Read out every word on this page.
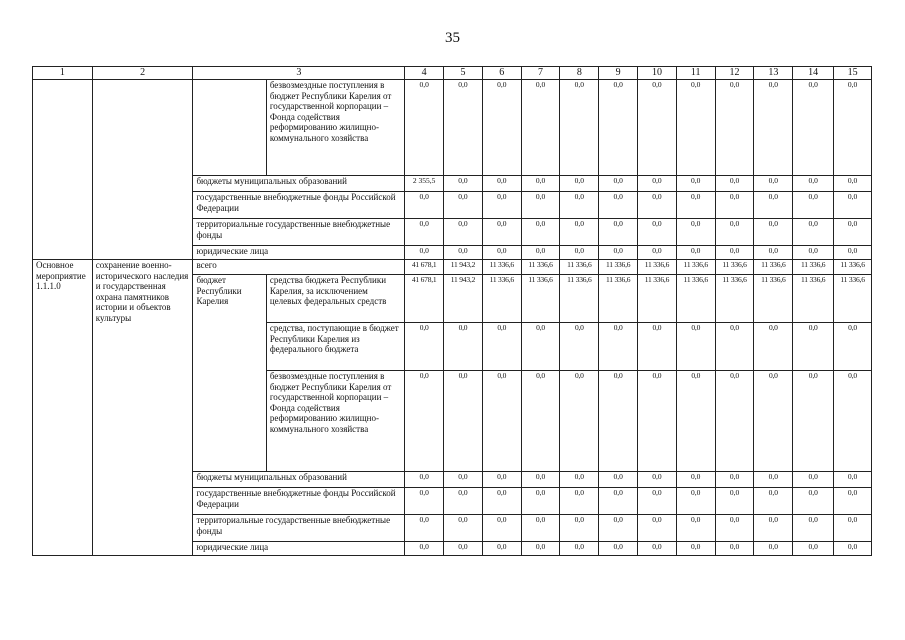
35
1	2	3		4	5	6	7	8	9	10	11	12	13	14	15
			безвозмездные поступления в бюджет Республики Карелия от государственной корпорации – Фонда содействия реформированию жилищно-коммунального хозяйства	0,0	0,0	0,0	0,0	0,0	0,0	0,0	0,0	0,0	0,0	0,0	0,0
		бюджеты муниципальных образований		2 355,5	0,0	0,0	0,0	0,0	0,0	0,0	0,0	0,0	0,0	0,0	0,0
		государственные внебюджетные фонды Российской Федерации		0,0	0,0	0,0	0,0	0,0	0,0	0,0	0,0	0,0	0,0	0,0	0,0
		территориальные государственные внебюджетные фонды		0,0	0,0	0,0	0,0	0,0	0,0	0,0	0,0	0,0	0,0	0,0	0,0
		юридические лица		0,0	0,0	0,0	0,0	0,0	0,0	0,0	0,0	0,0	0,0	0,0	0,0
Основное мероприятие 1.1.1.0	сохранение военно-исторического наследия и государственная охрана памятников истории и объектов культуры	всего		41 678,1	11 943,2	11 336,6	11 336,6	11 336,6	11 336,6	11 336,6	11 336,6	11 336,6	11 336,6	11 336,6	11 336,6
		бюджет Республики Карелия	средства бюджета Республики Карелия, за исключением целевых федеральных средств	41 678,1	11 943,2	11 336,6	11 336,6	11 336,6	11 336,6	11 336,6	11 336,6	11 336,6	11 336,6	11 336,6	11 336,6
			средства, поступающие в бюджет Республики Карелия из федерального бюджета	0,0	0,0	0,0	0,0	0,0	0,0	0,0	0,0	0,0	0,0	0,0	0,0
			безвозмездные поступления в бюджет Республики Карелия от государственной корпорации – Фонда содействия реформированию жилищно-коммунального хозяйства	0,0	0,0	0,0	0,0	0,0	0,0	0,0	0,0	0,0	0,0	0,0	0,0
		бюджеты муниципальных образований		0,0	0,0	0,0	0,0	0,0	0,0	0,0	0,0	0,0	0,0	0,0	0,0
		государственные внебюджетные фонды Российской Федерации		0,0	0,0	0,0	0,0	0,0	0,0	0,0	0,0	0,0	0,0	0,0	0,0
		территориальные государственные внебюджетные фонды		0,0	0,0	0,0	0,0	0,0	0,0	0,0	0,0	0,0	0,0	0,0	0,0
		юридические лица		0,0	0,0	0,0	0,0	0,0	0,0	0,0	0,0	0,0	0,0	0,0	0,0
